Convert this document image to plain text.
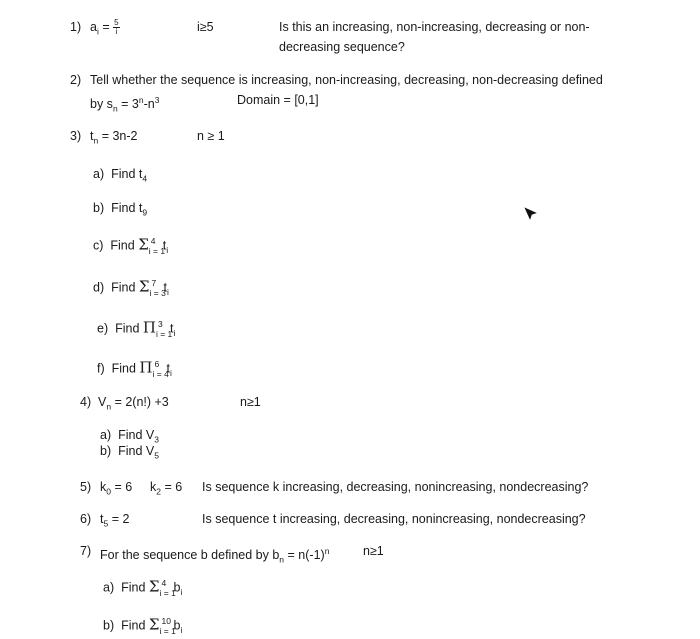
1) $a_i = \frac{5}{i}$	i≥5	Is this an increasing, non-increasing, decreasing or non-
decreasing sequence?
2) Tell whether the sequence is increasing, non-increasing, decreasing, non-decreasing defined
by $s_n = 3^n-n^3$	Domain = [0,1]
3) $t_n = 3n-2$	n ≥ 1
a) Find $t_4$
b) Find $t_9$
c) Find Σ 4
i = 1
$t_i$
d) Find Σ 7
i = 3
$t_i$
e) Find Π 3
i = 1
$t_i$
f) Find Π 6
i = 4
$t_i$
4) $V_n = 2(n!) +3$	n≥1
a) Find $V_3$
b) Find $V_5$
5) $k_0 = 6$ $k_2 = 6$ Is sequence k increasing, decreasing, nonincreasing, nondecreasing?
6) $t_5 = 2$	Is sequence t increasing, decreasing, nonincreasing, nondecreasing?
7) For the sequence b defined by $b_n = n(-1)^n$	n≥1
a) Find Σ 4
i = 1
$b_i$
b) Find Σ 10
i = 1
$b_i$
